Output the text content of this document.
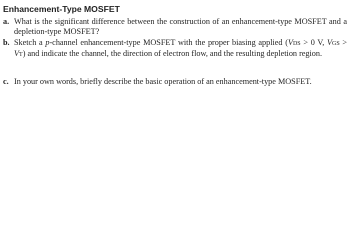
Enhancement-Type MOSFET
a. What is the significant difference between the construction of an enhancement-type MOSFET and a depletion-type MOSFET?
b. Sketch a p-channel enhancement-type MOSFET with the proper biasing applied (VDS > 0 V, VGS > VT) and indicate the channel, the direction of electron flow, and the resulting depletion region.
c. In your own words, briefly describe the basic operation of an enhancement-type MOSFET.
